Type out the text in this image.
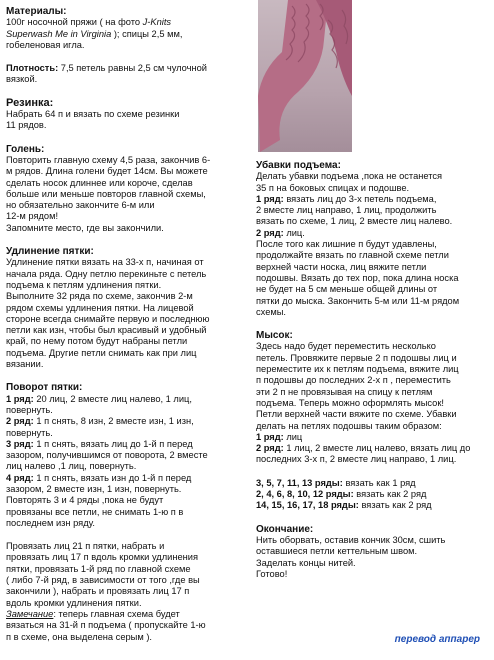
Материалы:

100г носочной пряжи ( на фото J-Knits
Superwash Me in Virginia ); спицы 2,5 мм,
гобеленовая игла.

Плотность: 7,5 петель равны 2,5 см чулочной
вязкой.

Резинка:

Набрать 64 п и вязать по схеме резинки
11 рядов.

Голень:

Повторить главную схему 4,5 раза, закончив 6-
м рядов. Длина голени будет 14см. Вы можете
сделать носок длиннее или короче, сделав
больше или меньше повторов главной схемы,
но обязательно закончите 6-м или
12-м рядом!
Запомните место, где вы закончили.

Удлинение пятки:

Удлинение пятки вязать на 33-х п, начиная от
начала ряда. Одну петлю перекиньте с петель
подъема к петлям удлинения пятки.
Выполните 32 ряда по схеме, закончив 2-м
рядом схемы удлинения пятки. На лицевой
стороне всегда снимайте первую и последнюю
петли как изн, чтобы был красивый и удобный
край, по нему потом будут набраны петли
подъема. Другие петли снимать как при лиц
вязании.

Поворот пятки:

1 ряд: 20 лиц, 2 вместе лиц налево, 1 лиц,
повернуть.

2 ряд: 1 п снять, 8 изн, 2 вместе изн, 1 изн,
повернуть.

3 ряд: 1 п снять, вязать лиц до 1-й п перед
зазором, получившимся от поворота, 2 вместе
лиц налево ,1 лиц, повернуть.

4 ряд: 1 п снять, вязать изн до 1-й п перед
зазором, 2 вместе изн, 1 изн, повернуть.
Повторять 3 и 4 ряды ,пока не будут
провязаны все петли, не снимать 1-ю п в
последнем изн ряду.

Провязать лиц 21 п пятки, набрать и
провязать лиц 17 п вдоль кромки удлинения
пятки, провязать 1-й ряд по главной схеме
( либо 7-й ряд, в зависимости от того ,где вы
закончили ), набрать и провязать лиц 17 п
вдоль кромки удлинения пятки.

Замечание: теперь главная схема будет
вязаться на 31-й п подъема ( пропускайте 1-ю
п в схеме, она выделена серым ).

Убавки подъема:

Делать убавки подъема ,пока не останется
35 п на боковых спицах и подошве.

1 ряд: вязать лиц до 3-х петель подъема,
2 вместе лиц направо, 1 лиц, продолжить
вязать по схеме, 1 лиц, 2 вместе лиц налево.

2 ряд: лиц.
После того как лишние п будут удавлены,
продолжайте вязать по главной схеме петли
верхней части носка, лиц вяжите петли
подошвы. Вязать до тех пор, пока длина носка
не будет на 5 см меньше общей длины от
пятки до мыска. Закончить 5-м или 11-м рядом
схемы.

Мысок:

Здесь надо будет переместить несколько
петель. Провяжите первые 2 п подошвы лиц и
переместите их к петлям подъема, вяжите лиц
п подошвы до последних 2-х п , переместить
эти 2 п не провязывая на спицу к петлям
подъема. Теперь можно оформлять мысок!
Петли верхней части вяжите по схеме. Убавки
делать на петлях подошвы таким образом:

1 ряд: лиц

2 ряд: 1 лиц, 2 вместе лиц налево, вязать лиц до
последних 3-х п, 2 вместе лиц направо, 1 лиц.

3, 5, 7, 11, 13 ряды: вязать как 1 ряд

2, 4, 6, 8, 10, 12 ряды: вязать как 2 ряд

14, 15, 16, 17, 18 ряды: вязать как 2 ряд

Окончание:

Нить оборвать, оставив кончик 30см, сшить
оставшиеся петли кеттельным швом.
Заделать концы нитей.
Готово!

перевод аппарер
